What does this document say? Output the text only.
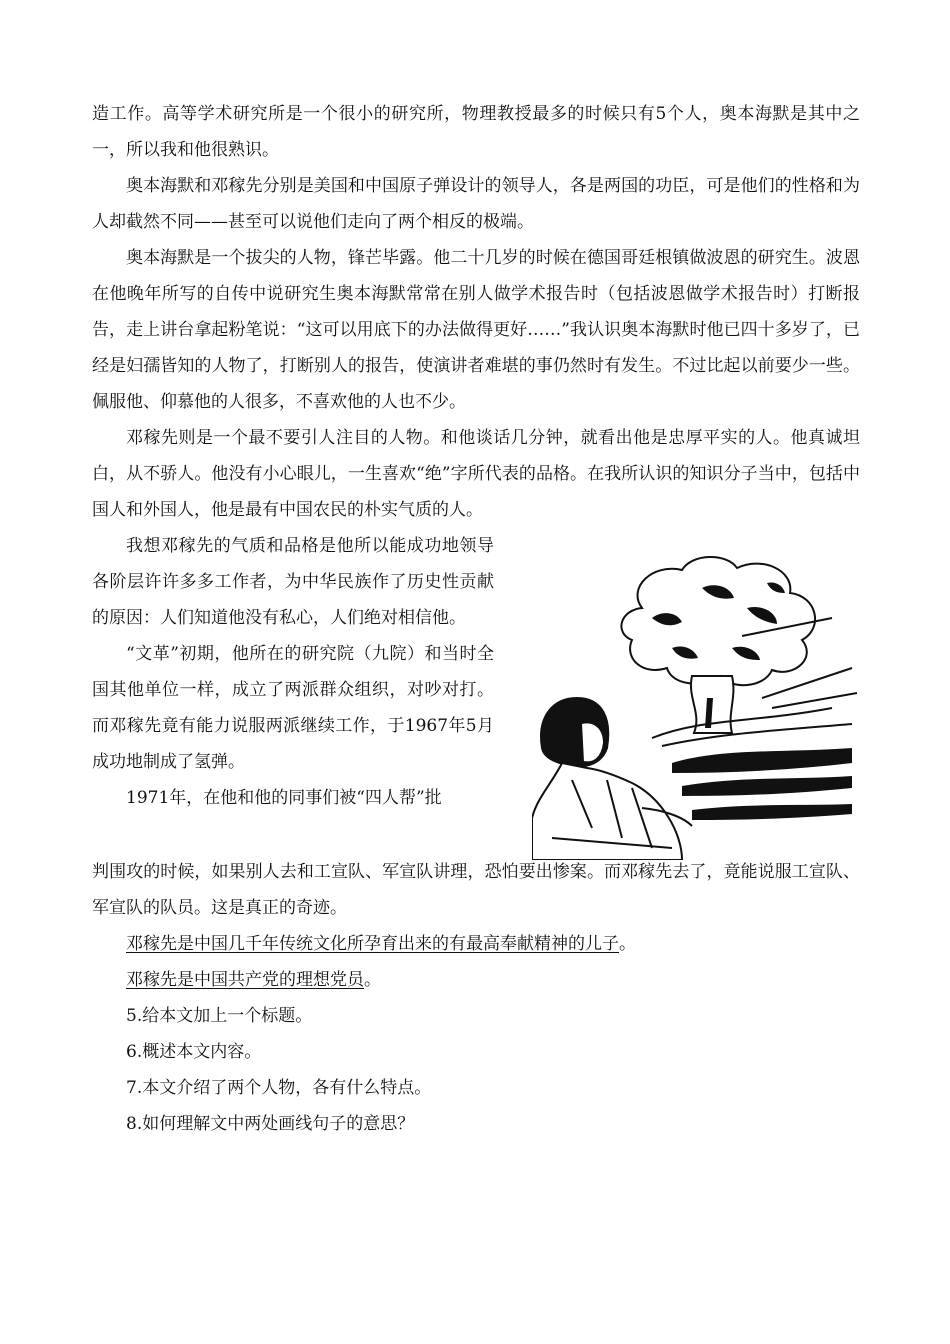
造工作。高等学术研究所是一个很小的研究所，物理教授最多的时候只有5个人，奥本海默是其中之一，所以我和他很熟识。

奥本海默和邓稼先分别是美国和中国原子弹设计的领导人，各是两国的功臣，可是他们的性格和为人却截然不同——甚至可以说他们走向了两个相反的极端。

奥本海默是一个拔尖的人物，锋芒毕露。他二十几岁的时候在德国哥廷根镇做波恩的研究生。波恩在他晚年所写的自传中说研究生奥本海默常常在别人做学术报告时（包括波恩做学术报告时）打断报告，走上讲台拿起粉笔说：“这可以用底下的办法做得更好……”我认识奥本海默时他已四十多岁了，已经是妇孺皆知的人物了，打断别人的报告，使演讲者难堪的事仍然时有发生。不过比起以前要少一些。佩服他、仰慕他的人很多，不喜欢他的人也不少。

邓稼先则是一个最不要引人注目的人物。和他谈话几分钟，就看出他是忠厚平实的人。他真诚坦白，从不骄人。他没有小心眼儿，一生喜欢“绝”字所代表的品格。在我所认识的知识分子当中，包括中国人和外国人，他是最有中国农民的朴实气质的人。

我想邓稼先的气质和品格是他所以能成功地领导各阶层许许多多工作者，为中华民族作了历史性贡献的原因：人们知道他没有私心，人们绝对相信他。

“文革”初期，他所在的研究院（九院）和当时全国其他单位一样，成立了两派群众组织，对吵对打。而邓稼先竟有能力说服两派继续工作，于1967年5月成功地制成了氢弹。

1971年，在他和他的同事们被“四人帮”批

判围攻的时候，如果别人去和工宣队、军宣队讲理，恐怕要出惨案。而邓稼先去了，竟能说服工宣队、军宣队的队员。这是真正的奇迹。

邓稼先是中国几千年传统文化所孕育出来的有最高奉献精神的儿子。

邓稼先是中国共产党的理想党员。

5.给本文加上一个标题。

6.概述本文内容。

7.本文介绍了两个人物，各有什么特点。

8.如何理解文中两处画线句子的意思？
